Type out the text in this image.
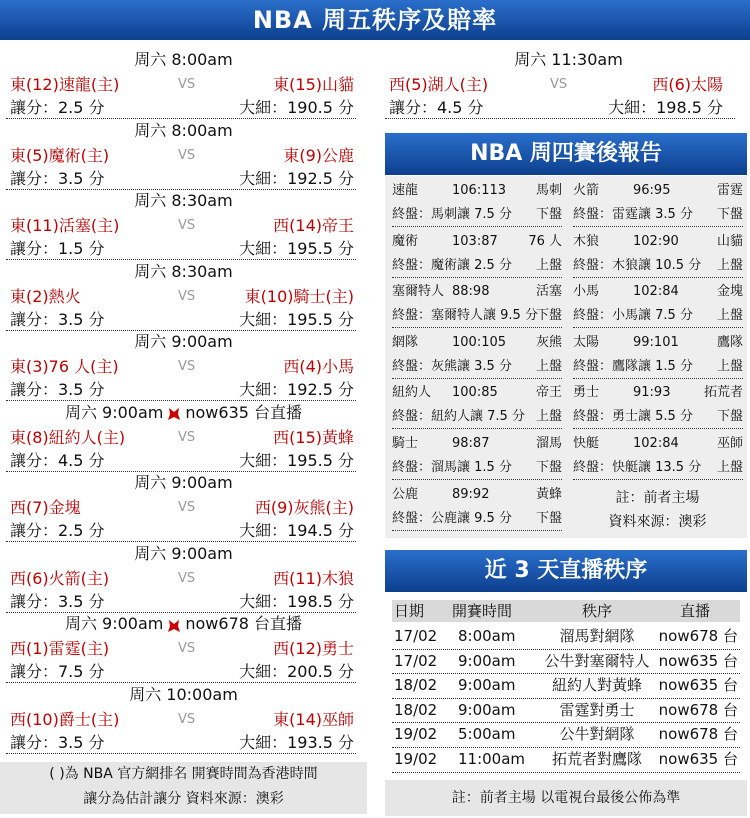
NBA 周五秩序及賠率
周六 8:00am
東(12)速龍(主)	VS	東(15)山貓
讓分：2.5 分	大細：190.5 分
周六 8:00am
東(5)魔術(主)	VS	東(9)公鹿
讓分：3.5 分	大細：192.5 分
周六 8:30am
東(11)活塞(主)	VS	西(14)帝王
讓分：1.5 分	大細：195.5 分
周六 8:30am
東(2)熱火	VS	東(10)騎士(主)
讓分：3.5 分	大細：195.5 分
周六 9:00am
東(3)76 人(主)	VS	西(4)小馬
讓分：3.5 分	大細：192.5 分
周六 9:00am now635 台直播
東(8)紐約人(主)	VS	西(15)黃蜂
讓分：4.5 分	大細：195.5 分
周六 9:00am
西(7)金塊	VS	西(9)灰熊(主)
讓分：2.5 分	大細：194.5 分
周六 9:00am
西(6)火箭(主)	VS	西(11)木狼
讓分：3.5 分	大細：198.5 分
周六 9:00am now678 台直播
西(1)雷霆(主)	VS	西(12)勇士
讓分：7.5 分	大細：200.5 分
周六 10:00am
西(10)爵士(主)	VS	東(14)巫師
讓分：3.5 分	大細：193.5 分
( )為 NBA 官方網排名 開賽時間為香港時間
讓分為估計讓分 資料來源：澳彩
周六 11:30am
西(5)湖人(主)	VS	西(6)太陽
讓分：4.5 分	大細：198.5 分
NBA 周四賽後報告
速龍	106:113 馬刺
終盤：馬刺讓 7.5 分 下盤
火箭	96:95	雷霆
終盤：雷霆讓 3.5 分 下盤
魔術	103:87 76 人
終盤：魔術讓 2.5 分 上盤
木狼	102:90	山貓
終盤：木狼讓 10.5 分 上盤
塞爾特人 88:98	活塞
終盤：塞爾特人讓 9.5 分
下盤
小馬	102:84	金塊
終盤：小馬讓 7.5 分 上盤
網隊	100:105 灰熊
終盤：灰熊讓 3.5 分 上盤
太陽	99:101	鷹隊
終盤：鷹隊讓 1.5 分 上盤
紐約人 100:85	帝王
終盤：紐約人讓 7.5 分 上盤
勇士	91:93	拓荒者
終盤：勇士讓 5.5 分 下盤
騎士	98:87	溜馬
終盤：溜馬讓 1.5 分 下盤
快艇	102:84	巫師
終盤：快艇讓 13.5 分 上盤
公鹿	89:92	黃蜂
終盤：公鹿讓 9.5 分 下盤
註：前者主場
資料來源：澳彩
近 3 天直播秩序
日期 開賽時間	秩序	直播
17/02 8:00am	溜馬對網隊	now678 台
17/02 9:00am	公牛對塞爾特人 now635 台
18/02 9:00am	紐約人對黃蜂	now635 台
18/02 9:00am	雷霆對勇士	now678 台
19/02 5:00am	公牛對網隊	now678 台
19/02 11:00am	拓荒者對鷹隊	now635 台
註：前者主場 以電視台最後公佈為準
